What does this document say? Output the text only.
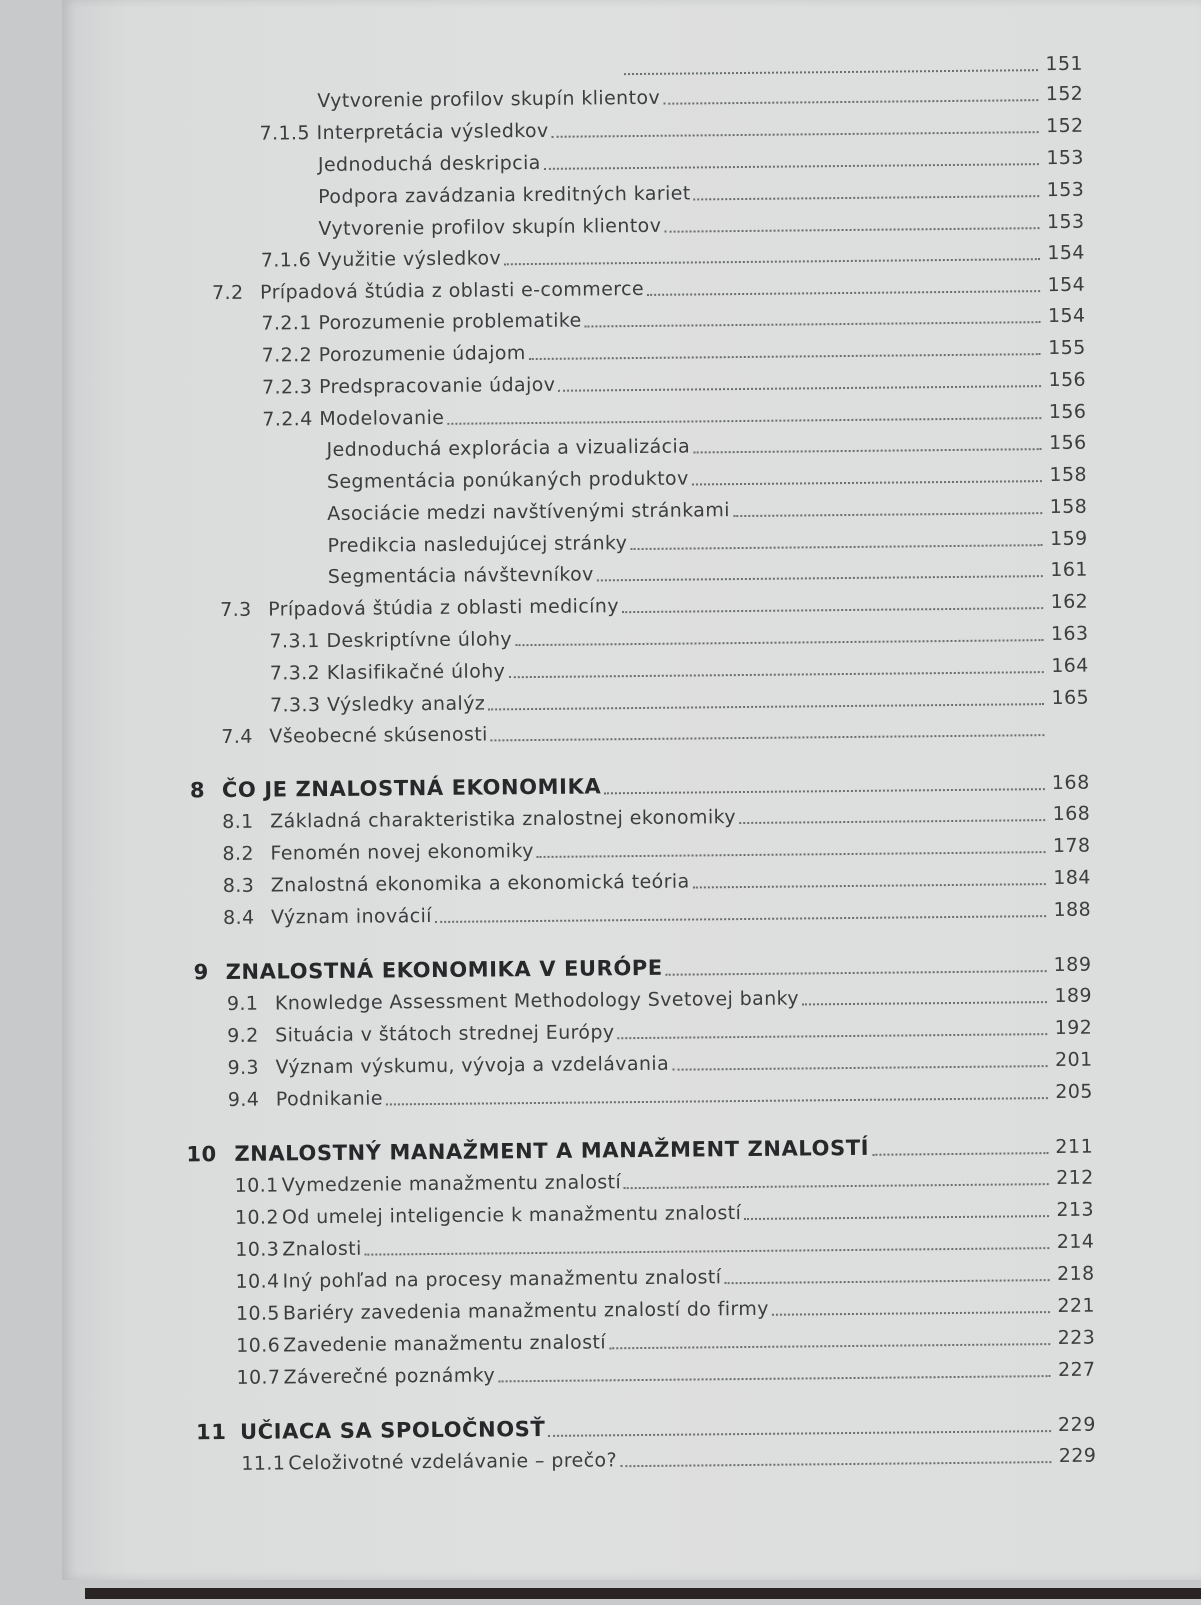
151
Vytvorenie profilov skupín klientov	152
7.1.5 Interpretácia výsledkov	152
Jednoduchá deskripcia	153
Podpora zavádzania kreditných kariet	153
Vytvorenie profilov skupín klientov	153
7.1.6 Využitie výsledkov	154
7.2 Prípadová štúdia z oblasti e-commerce	154
7.2.1 Porozumenie problematike	154
7.2.2 Porozumenie údajom	155
7.2.3 Predspracovanie údajov	156
7.2.4 Modelovanie	156
Jednoduchá explorácia a vizualizácia	156
Segmentácia ponúkaných produktov	158
Asociácie medzi navštívenými stránkami	158
Predikcia nasledujúcej stránky	159
Segmentácia návštevníkov	161
7.3 Prípadová štúdia z oblasti medicíny	162
7.3.1 Deskriptívne úlohy	163
7.3.2 Klasifikačné úlohy	164
7.3.3 Výsledky analýz	165
7.4 Všeobecné skúsenosti
8 ČO JE ZNALOSTNÁ EKONOMIKA	168
8.1 Základná charakteristika znalostnej ekonomiky	168
8.2 Fenomén novej ekonomiky	178
8.3 Znalostná ekonomika a ekonomická teória	184
8.4 Význam inovácií	188
9 ZNALOSTNÁ EKONOMIKA V EURÓPE	189
9.1 Knowledge Assessment Methodology Svetovej banky	189
9.2 Situácia v štátoch strednej Európy	192
9.3 Význam výskumu, vývoja a vzdelávania	201
9.4 Podnikanie	205
10 ZNALOSTNÝ MANAŽMENT A MANAŽMENT ZNALOSTÍ	211
10.1 Vymedzenie manažmentu znalostí	212
10.2 Od umelej inteligencie k manažmentu znalostí	213
10.3 Znalosti	214
10.4 Iný pohľad na procesy manažmentu znalostí	218
10.5 Bariéry zavedenia manažmentu znalostí do firmy	221
10.6 Zavedenie manažmentu znalostí	223
10.7 Záverečné poznámky	227
11 UČIACA SA SPOLOČNOSŤ	229
11.1 Celoživotné vzdelávanie – prečo?	229
